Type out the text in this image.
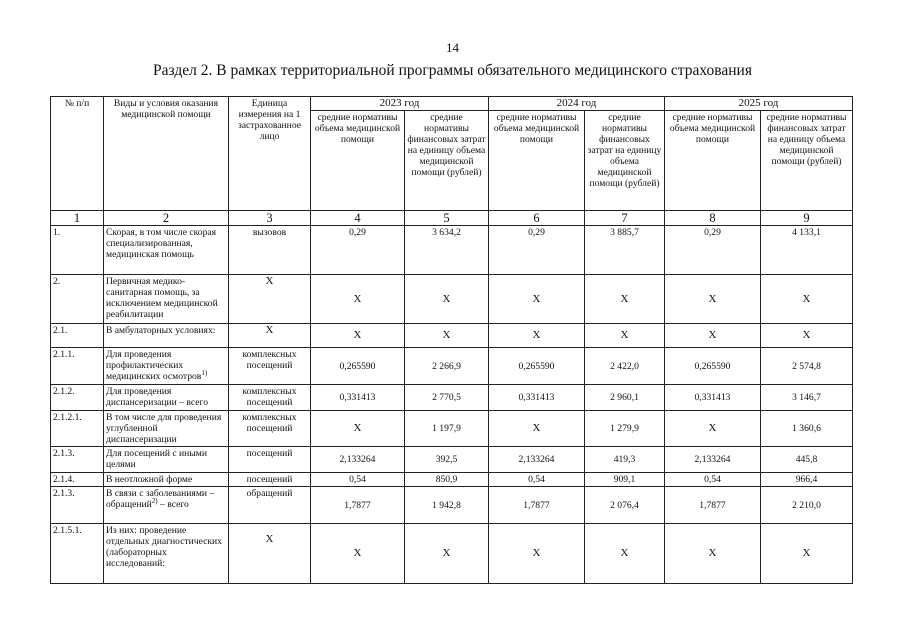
14
Раздел 2. В рамках территориальной программы обязательного медицинского страхования
№ п/п	Виды и условия оказания медицинской помощи	Единица измерения на 1 застрахованное лицо	2023 год		2024 год		2025 год	
			средние нормативы объема медицинской помощи	средние нормативы финансовых затрат на единицу объема медицинской помощи (рублей)	средние нормативы объема медицинской помощи	средние нормативы финансовых затрат на единицу объема медицинской помощи (рублей)	средние нормативы объема медицинской помощи	средние нормативы финансовых затрат на единицу объема медицинской помощи (рублей)
1	2	3	4	5	6	7	8	9
1.	Скорая, в том числе скорая специализированная, медицинская помощь	вызовов	0,29	3 634,2	0,29	3 885,7	0,29	4 133,1
2.	Первичная медико-санитарная помощь, за исключением медицинской реабилитации	Х	Х	Х	Х	Х	Х	Х
2.1.	В амбулаторных условиях:	Х	Х	Х	Х	Х	Х	Х
2.1.1.	Для проведения профилактических медицинских осмотров$^{1)}$	комплексных посещений	0,265590	2 266,9	0,265590	2 422,0	0,265590	2 574,8
2.1.2.	Для проведения диспансеризации – всего	комплексных посещений	0,331413	2 770,5	0,331413	2 960,1	0,331413	3 146,7
2.1.2.1.	В том числе для проведения углубленной диспансеризации	комплексных посещений	Х	1 197,9	Х	1 279,9	Х	1 360,6
2.1.3.	Для посещений с иными целями	посещений	2,133264	392,5	2,133264	419,3	2,133264	445,8
2.1.4.	В неотложной форме	посещений	0,54	850,9	0,54	909,1	0,54	966,4
2.1.3.	В связи с заболеваниями – обращений$^{2)}$ – всего	обращений	1,7877	1 942,8	1,7877	2 076,4	1,7877	2 210,0
2.1.5.1.	Из них: проведение отдельных диагностических (лабораторных исследований:	Х	Х	Х	Х	Х	Х	Х
